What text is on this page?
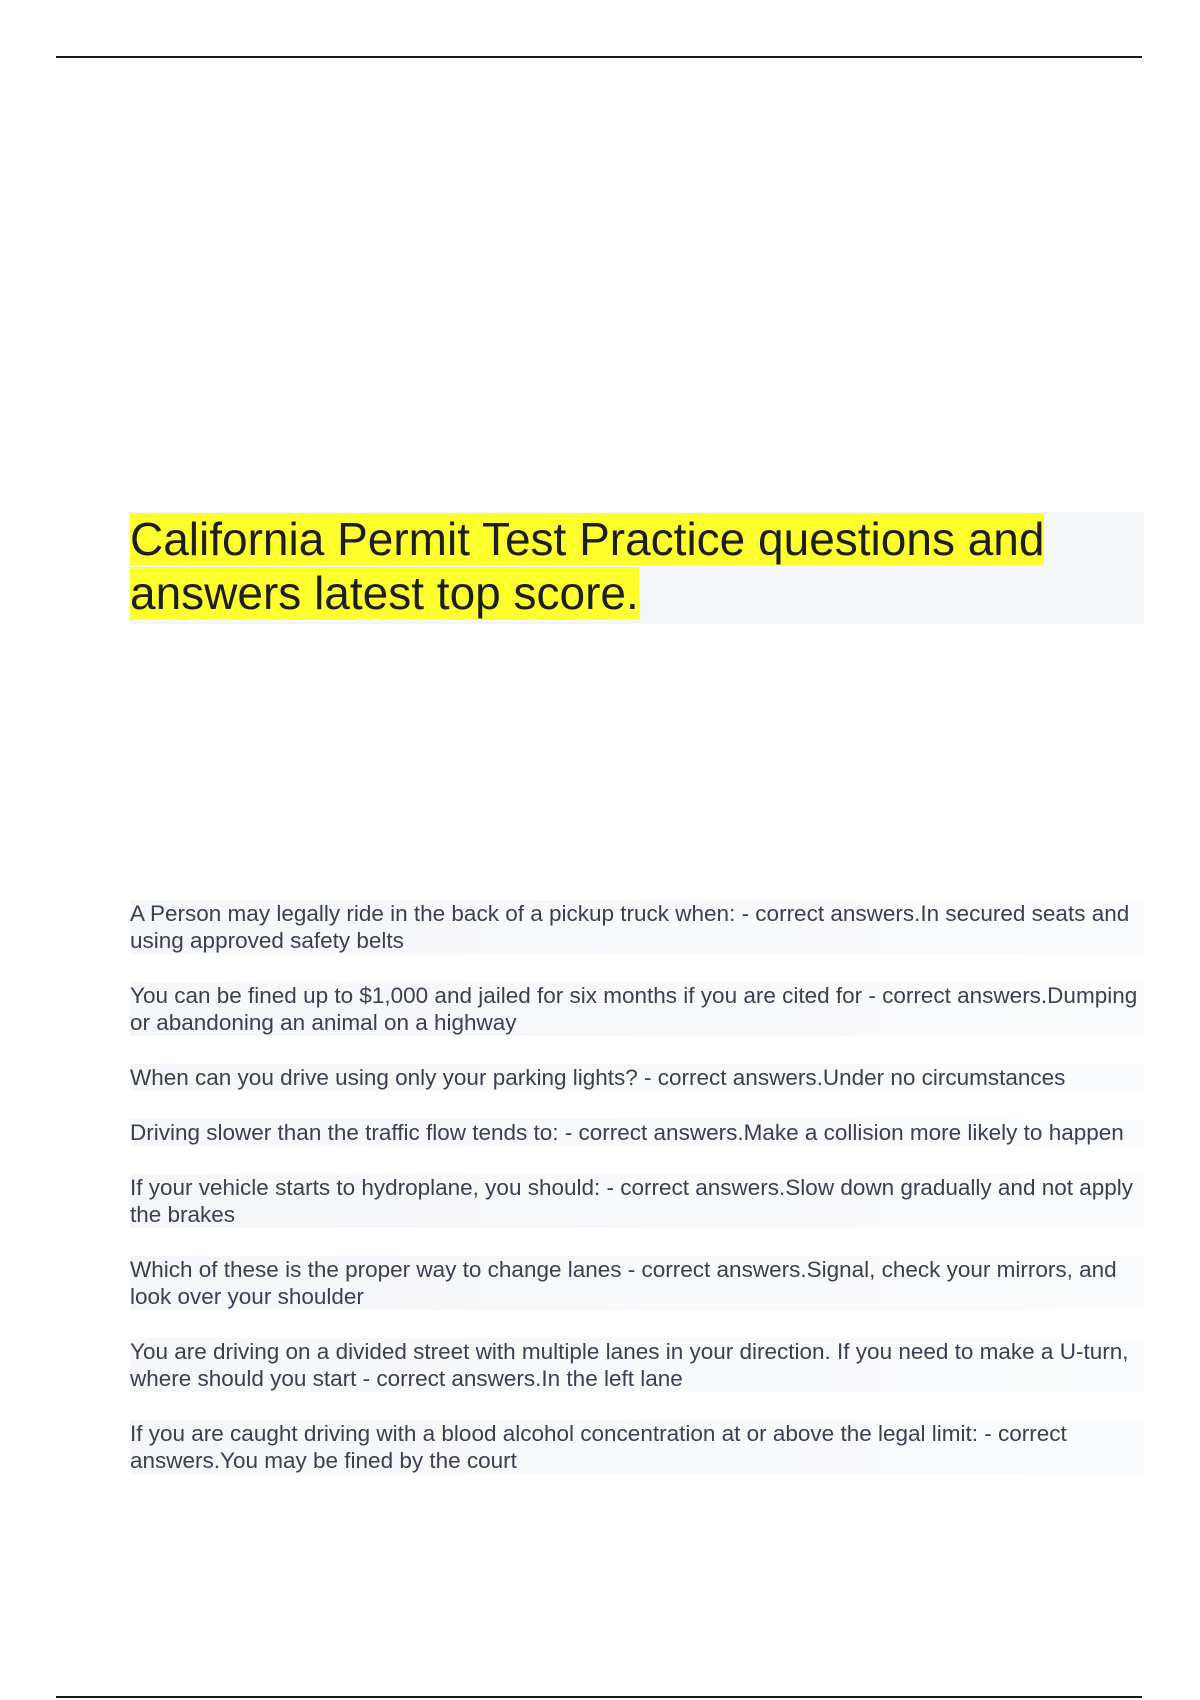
California Permit Test Practice questions and answers latest top score.
A Person may legally ride in the back of a pickup truck when: - correct answers.In secured seats and using approved safety belts
You can be fined up to $1,000 and jailed for six months if you are cited for - correct answers.Dumping or abandoning an animal on a highway
When can you drive using only your parking lights? - correct answers.Under no circumstances
Driving slower than the traffic flow tends to: - correct answers.Make a collision more likely to happen
If your vehicle starts to hydroplane, you should: - correct answers.Slow down gradually and not apply the brakes
Which of these is the proper way to change lanes - correct answers.Signal, check your mirrors, and look over your shoulder
You are driving on a divided street with multiple lanes in your direction. If you need to make a U-turn, where should you start - correct answers.In the left lane
If you are caught driving with a blood alcohol concentration at or above the legal limit: - correct answers.You may be fined by the court
